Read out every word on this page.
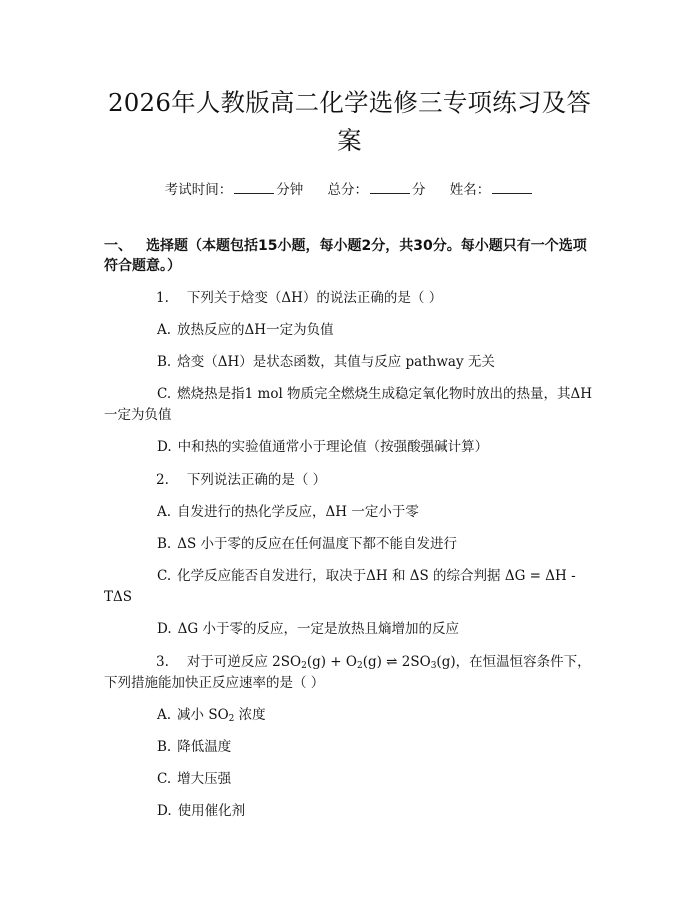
2026年人教版高二化学选修三专项练习及答案
考试时间：	分钟 总分：	分 姓名：
一、 选择题（本题包括15小题，每小题2分，共30分。每小题只有一个选项符合题意。）
1. 下列关于焓变（ΔH）的说法正确的是（ ）
A. 放热反应的ΔH一定为负值
B. 焓变（ΔH）是状态函数，其值与反应 pathway 无关
C. 燃烧热是指1 mol 物质完全燃烧生成稳定氧化物时放出的热量，其ΔH一定为负值
D. 中和热的实验值通常小于理论值（按强酸强碱计算）
2. 下列说法正确的是（ ）
A. 自发进行的热化学反应，ΔH 一定小于零
B. ΔS 小于零的反应在任何温度下都不能自发进行
C. 化学反应能否自发进行，取决于ΔH 和 ΔS 的综合判据 ΔG = ΔH - TΔS
D. ΔG 小于零的反应，一定是放热且熵增加的反应
3. 对于可逆反应 $2SO_2(g) + O_2(g)$ ⇌ $2SO_3(g)$，在恒温恒容条件下，下列措施能加快正反应速率的是（ ）
A. 减小 $SO_2$ 浓度
B. 降低温度
C. 增大压强
D. 使用催化剂
